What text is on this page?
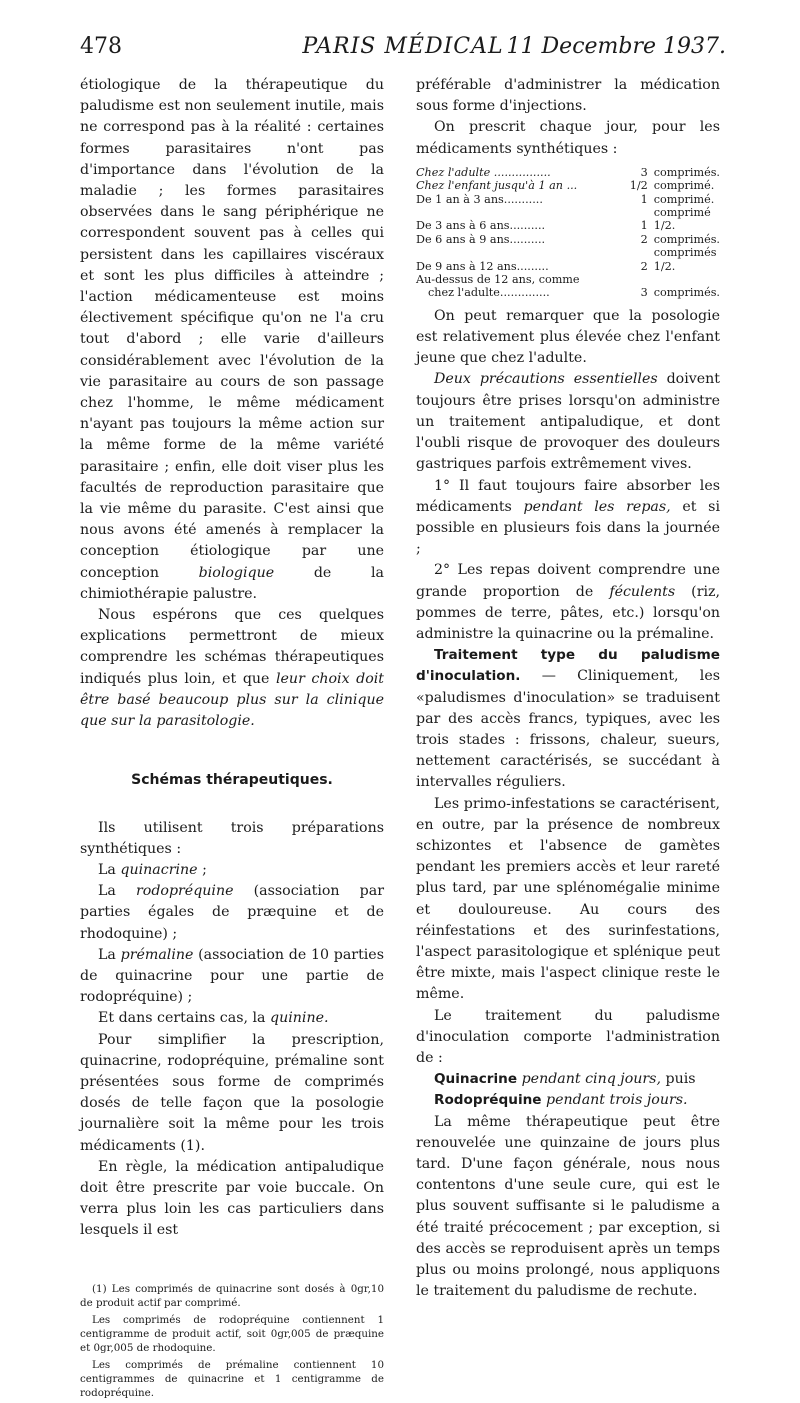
478	PARIS MÉDICAL 11 Decembre 1937.

étiologique de la thérapeutique du paludisme est non seulement inutile, mais ne correspond pas à la réalité : certaines formes parasitaires n'ont pas d'importance dans l'évolution de la maladie ; les formes parasitaires observées dans le sang périphérique ne correspondent souvent pas à celles qui persistent dans les capillaires viscéraux et sont les plus difficiles à atteindre ; l'action médicamenteuse est moins électivement spécifique qu'on ne l'a cru tout d'abord ; elle varie d'ailleurs considérablement avec l'évolution de la vie parasitaire au cours de son passage chez l'homme, le même médicament n'ayant pas toujours la même action sur la même forme de la même variété parasitaire ; enfin, elle doit viser plus les facultés de reproduction parasitaire que la vie même du parasite. C'est ainsi que nous avons été amenés à remplacer la conception étiologique par une conception	biologique	de la chimiothérapie palustre.

Nous espérons que ces quelques explications permettront de mieux comprendre les schémas thérapeutiques indiqués plus loin, et que leur choix doit être basé beaucoup plus sur la clinique que sur la parasitologie.

Schémas thérapeutiques.

Ils utilisent trois préparations synthétiques :

La quinacrine ;

La rodopréquine (association par parties égales de præquine et de rhodoquine) ;

La prémaline (association de 10 parties de quinacrine pour une partie de rodopréquine) ;

Et dans certains cas, la quinine.

Pour simplifier la prescription, quinacrine, rodopréquine, prémaline sont présentées sous forme de comprimés dosés de telle façon que la posologie journalière soit la même pour les trois médicaments (1).

En règle, la médication antipaludique doit être prescrite par voie buccale. On verra plus loin les cas particuliers dans lesquels il est

(1) Les comprimés de quinacrine sont dosés à 0gr,10 de produit actif par comprimé.

Les comprimés de rodopréquine contiennent 1 centigramme de produit actif, soit 0gr,005 de præquine et 0gr,005 de rhodoquine.

Les comprimés de prémaline contiennent 10 centigrammes de quinacrine et 1 centigramme de rodopréquine.

préférable d'administrer la médication sous forme d'injections.

On prescrit chaque jour, pour les médicaments synthétiques :

Chez l'adulte ................	3	comprimés.
Chez l'enfant jusqu'à 1 an ...	1/2	comprimé.
De 1 an à 3 ans...........	1	comprimé.
De 3 ans à 6 ans..........	1	comprimé 1/2.
De 6 ans à 9 ans..........	2	comprimés.
De 9 ans à 12 ans.........	2	comprimés 1/2.
Au-dessus de 12 ans, comme		
chez l'adulte..............	3	comprimés.

On peut remarquer que la posologie est relativement plus élevée chez l'enfant jeune que chez l'adulte.

Deux précautions essentielles doivent toujours être prises lorsqu'on administre un traitement antipaludique, et dont l'oubli risque de provoquer des douleurs gastriques parfois extrêmement vives.

1° Il faut toujours faire absorber les médicaments pendant les repas, et si possible en plusieurs fois dans la journée ;

2° Les repas doivent comprendre une grande proportion de féculents (riz, pommes de terre, pâtes, etc.) lorsqu'on administre la quinacrine ou la prémaline.

Traitement type du paludisme d'inoculation. — Cliniquement, les «paludismes d'inoculation» se traduisent par des accès francs, typiques, avec les trois stades : frissons, chaleur, sueurs, nettement caractérisés, se succédant à intervalles réguliers.

Les primo-infestations se caractérisent, en outre, par la présence de nombreux schizontes et l'absence de gamètes pendant les premiers accès et leur rareté plus tard, par une splénomégalie minime et douloureuse. Au cours des réinfestations et des surinfestations, l'aspect parasitologique et splénique peut être mixte, mais l'aspect clinique reste le même.

Le traitement du paludisme d'inoculation comporte l'administration de :

Quinacrine pendant cinq jours, puis

Rodopréquine pendant trois jours.

La même thérapeutique peut être renouvelée une quinzaine de jours plus tard. D'une façon générale, nous nous contentons d'une seule cure, qui est le plus souvent suffisante si le paludisme a été traité précocement ; par exception, si des accès se reproduisent après un temps plus ou moins prolongé, nous appliquons le traitement du paludisme de rechute.
